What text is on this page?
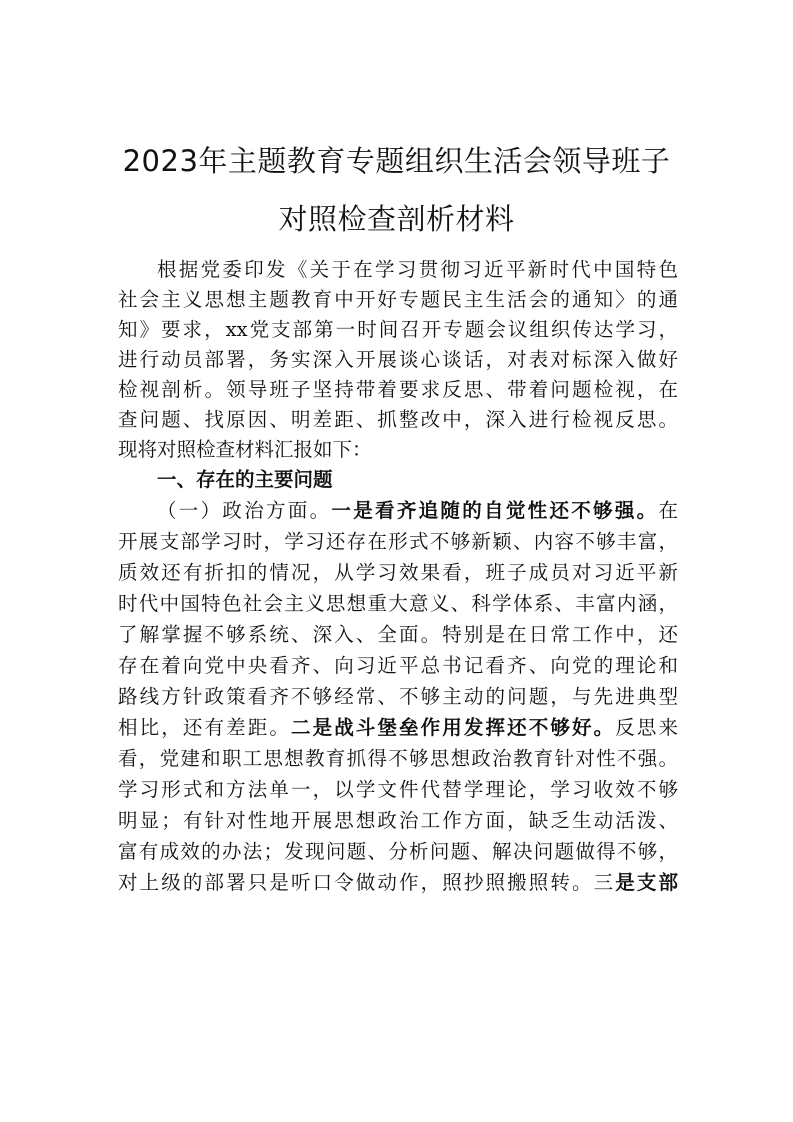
2023年主题教育专题组织生活会领导班子
对照检查剖析材料
根据党委印发《关于在学习贯彻习近平新时代中国特色
社会主义思想主题教育中开好专题民主生活会的通知〉的通
知》要求，xx党支部第一时间召开专题会议组织传达学习，
进行动员部署，务实深入开展谈心谈话，对表对标深入做好
检视剖析。领导班子坚持带着要求反思、带着问题检视，在
查问题、找原因、明差距、抓整改中，深入进行检视反思。
现将对照检查材料汇报如下：
一、存在的主要问题
（一）政治方面。一是看齐追随的自觉性还不够强。在
开展支部学习时，学习还存在形式不够新颖、内容不够丰富，
质效还有折扣的情况，从学习效果看，班子成员对习近平新
时代中国特色社会主义思想重大意义、科学体系、丰富内涵，
了解掌握不够系统、深入、全面。特别是在日常工作中，还
存在着向党中央看齐、向习近平总书记看齐、向党的理论和
路线方针政策看齐不够经常、不够主动的问题，与先进典型
相比，还有差距。二是战斗堡垒作用发挥还不够好。反思来
看，党建和职工思想教育抓得不够思想政治教育针对性不强。
学习形式和方法单一，以学文件代替学理论，学习收效不够
明显；有针对性地开展思想政治工作方面，缺乏生动活泼、
富有成效的办法；发现问题、分析问题、解决问题做得不够，
对上级的部署只是听口令做动作，照抄照搬照转。三是支部
